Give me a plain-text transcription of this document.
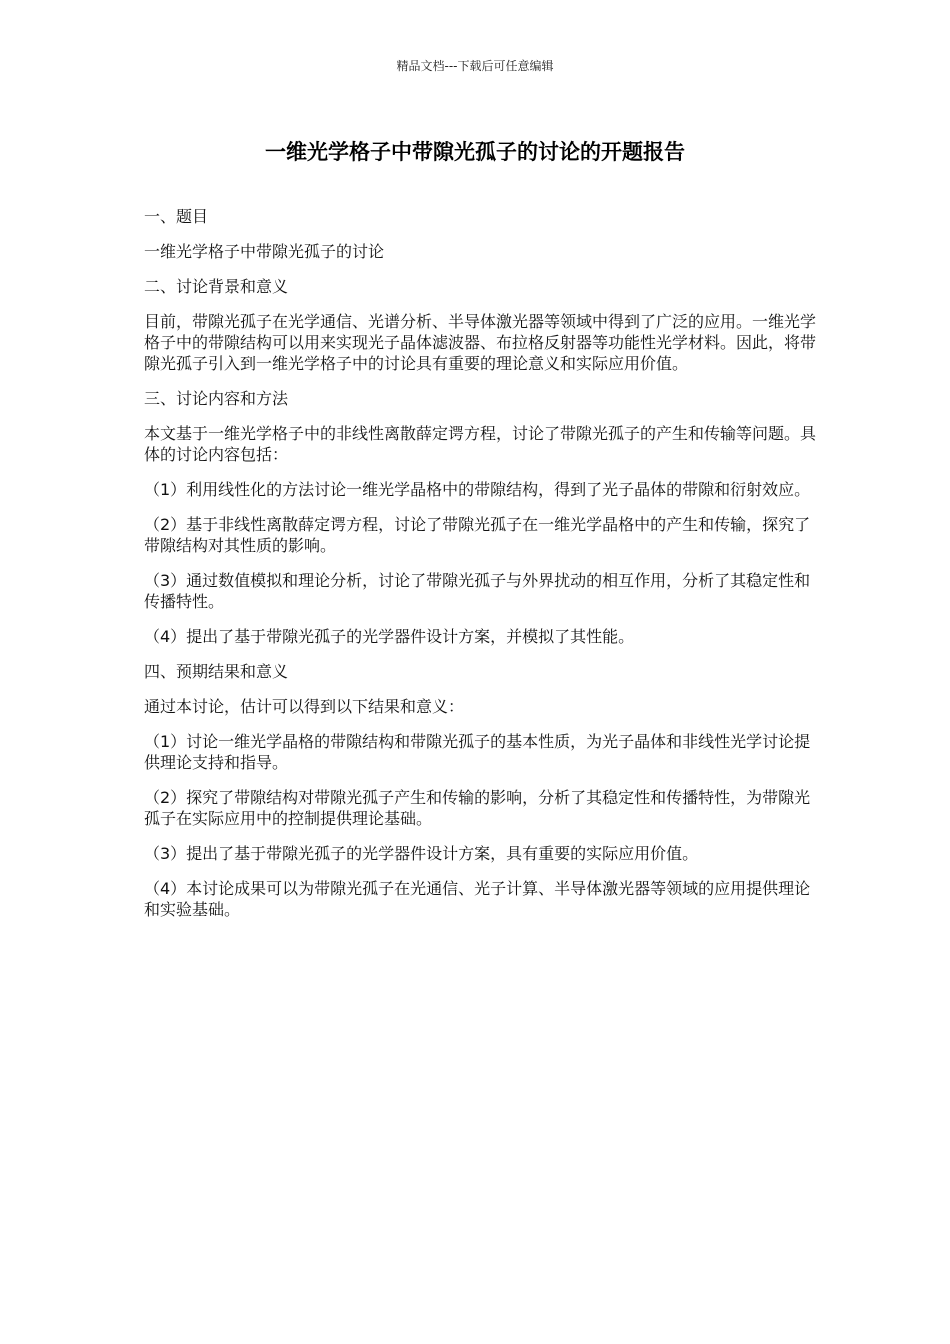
精品文档---下载后可任意编辑
一维光学格子中带隙光孤子的讨论的开题报告

一、题目

一维光学格子中带隙光孤子的讨论

二、讨论背景和意义

目前，带隙光孤子在光学通信、光谱分析、半导体激光器等领域中得到了广泛的应用。一维光学格子中的带隙结构可以用来实现光子晶体滤波器、布拉格反射器等功能性光学材料。因此，将带隙光孤子引入到一维光学格子中的讨论具有重要的理论意义和实际应用价值。

三、讨论内容和方法

本文基于一维光学格子中的非线性离散薛定谔方程，讨论了带隙光孤子的产生和传输等问题。具体的讨论内容包括：

（1）利用线性化的方法讨论一维光学晶格中的带隙结构，得到了光子晶体的带隙和衍射效应。

（2）基于非线性离散薛定谔方程，讨论了带隙光孤子在一维光学晶格中的产生和传输，探究了带隙结构对其性质的影响。

（3）通过数值模拟和理论分析，讨论了带隙光孤子与外界扰动的相互作用，分析了其稳定性和传播特性。

（4）提出了基于带隙光孤子的光学器件设计方案，并模拟了其性能。

四、预期结果和意义

通过本讨论，估计可以得到以下结果和意义：

（1）讨论一维光学晶格的带隙结构和带隙光孤子的基本性质，为光子晶体和非线性光学讨论提供理论支持和指导。

（2）探究了带隙结构对带隙光孤子产生和传输的影响，分析了其稳定性和传播特性，为带隙光孤子在实际应用中的控制提供理论基础。

（3）提出了基于带隙光孤子的光学器件设计方案，具有重要的实际应用价值。

（4）本讨论成果可以为带隙光孤子在光通信、光子计算、半导体激光器等领域的应用提供理论和实验基础。
